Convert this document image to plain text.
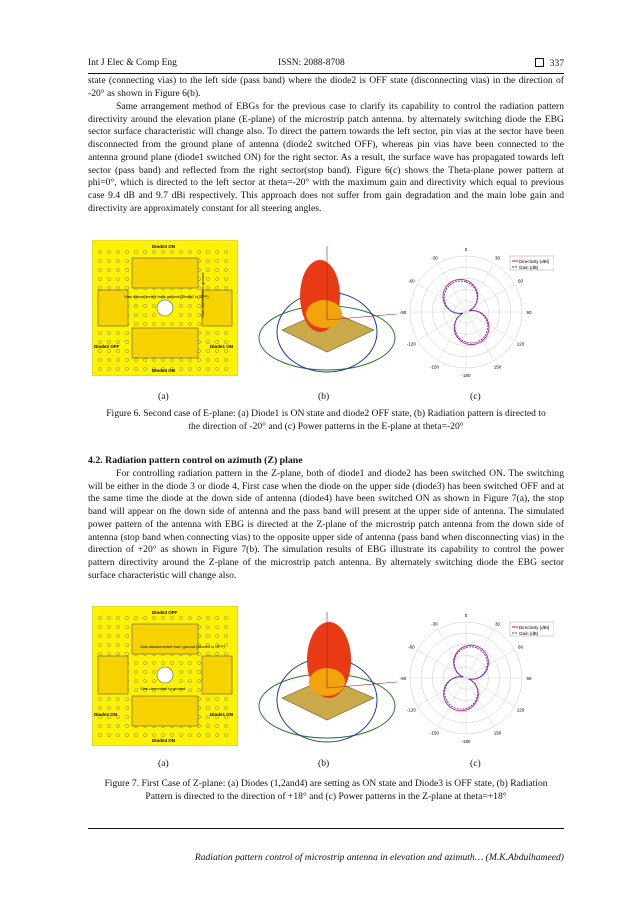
Int J Elec & Comp Eng	ISSN: 2088-8708	337

state (connecting vias) to the left side (pass band) where the diode2 is OFF state (disconnecting vias) in the direction of -20° as shown in Figure 6(b).

Same arrangement method of EBGs for the previous case to clarify its capability to control the radiation pattern directivity around the elevation plane (E-plane) of the microstrip patch antenna. by alternately switching diode the EBG sector surface characteristic will change also. To direct the pattern towards the left sector, pin vias at the sector have been disconnected from the ground plane of antenna (diode2 switched OFF), whereas pin vias have been connected to the antenna ground plane (diode1 switched ON) for the right sector. As a result, the surface wave has propagated towards left sector (pass band) and reflected from the right sector(stop band). Figure 6(c) shows the Theta-plane power pattern at phi=0°, which is directed to the left sector at theta=-20° with the maximum gain and directivity which equal to previous case 9.4 dB and 9.7 dBi respectively. This approach does not suffer from gain degradation and the main lobe gain and directivity are approximately constant for all steering angles.

Diode3 ON
Diode4 ON
Diode2 OFF	Diode1 ON
Vias disconnected from ground (Diode2 is OFF)
Vias connected to ground
0
30
-30
60
-60
90
-90
120
-120
150
-150
-180
Directivity (dBi)
Gain (dB)
(a)	(b)	(c)

Figure 6. Second case of E-plane: (a) Diode1 is ON state and diode2 OFF state, (b) Radiation pattern is directed to the direction of -20° and (c) Power patterns in the E-plane at theta=-20°

4.2. Radiation pattern control on azimuth (Z) plane

For controlling radiation pattern in the Z-plane, both of diode1 and diode2 has been switched ON. The switching will be either in the diode 3 or diode 4, First case when the diode on the upper side (diode3) has been switched OFF and at the same time the diode at the down side of antenna (diode4) have been switched ON as shown in Figure 7(a), the stop band will appear on the down side of antenna and the pass band will present at the upper side of antenna. The simulated power pattern of the antenna with EBG is directed at the Z-plane of the microstrip patch antenna from the down side of antenna (stop band when connecting vias) to the opposite upper side of antenna (pass band when disconnecting vias) in the direction of +20° as shown in Figure 7(b). The simulation results of EBG illustrate its capability to control the power pattern directivity around the Z-plane of the microstrip patch antenna. By alternately switching diode the EBG sector surface characteristic will change also.

Diode3 OFF
Diode4 ON
Diode2 ON	Diode1 ON
Vias disconnected from ground (Diode3 is OFF)
Vias connected to ground
0
30
-30
60
-60
90
-90
120
-120
150
-150
-180
Directivity (dBi)
Gain (dB)
(a)	(b)	(c)

Figure 7. First Case of Z-plane: (a) Diodes (1,2and4) are setting as ON state and Diode3 is OFF state, (b) Radiation Pattern is directed to the direction of +18° and (c) Power patterns in the Z-plane at theta=+18°

Radiation pattern control of microstrip antenna in elevation and azimuth… (M.K.Abdulhameed)
